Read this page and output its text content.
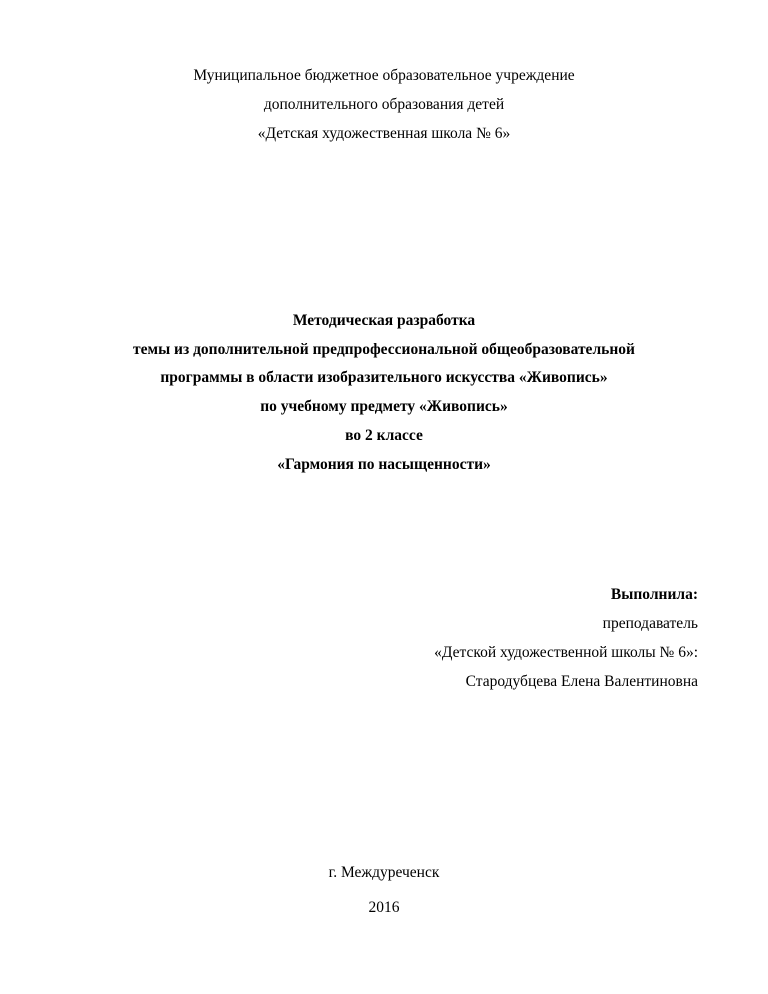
Муниципальное бюджетное образовательное учреждение
дополнительного образования детей
«Детская художественная школа № 6»
Методическая разработка
темы из дополнительной предпрофессиональной общеобразовательной
программы в области изобразительного искусства «Живопись»
по учебному предмету «Живопись»
во 2 классе
«Гармония по насыщенности»
Выполнила:
преподаватель
«Детской художественной школы № 6»:
Стародубцева Елена Валентиновна
г. Междуреченск
2016
